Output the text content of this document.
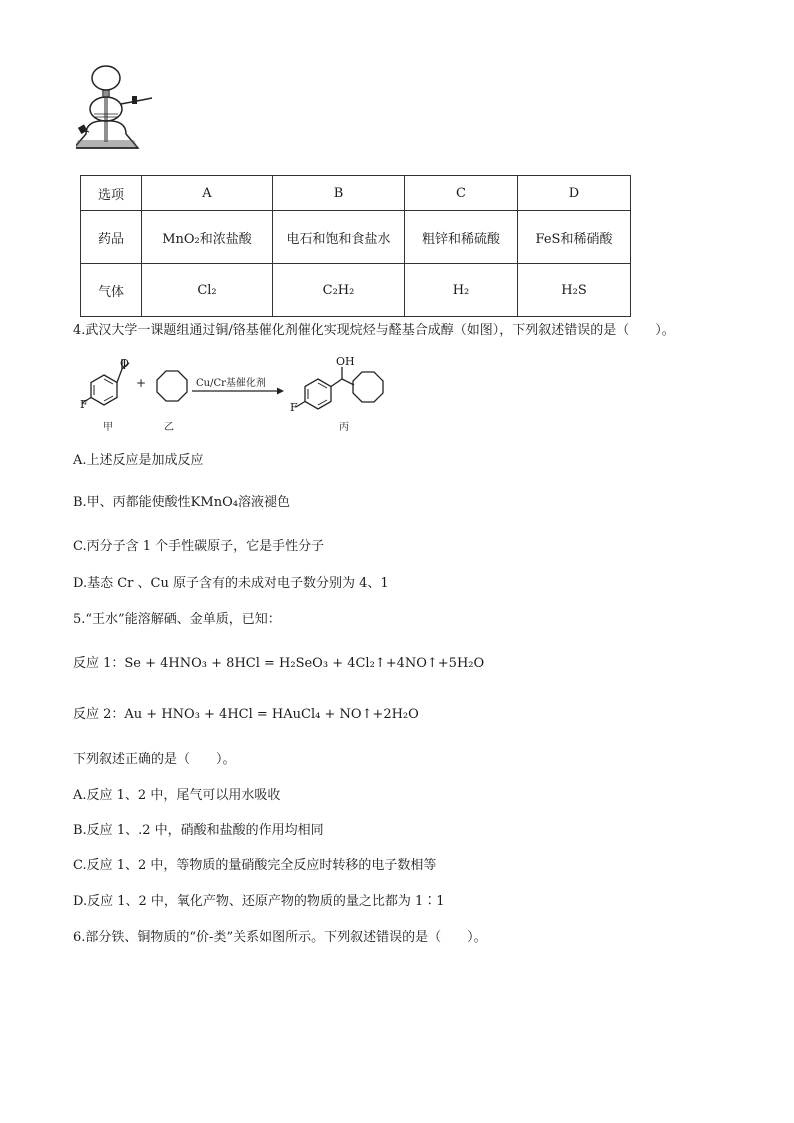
选项	A	B	C	D
药品	MnO₂和浓盐酸	电石和饱和食盐水	粗锌和稀硫酸	FeS和稀硝酸
气体	Cl₂	C₂H₂	H₂	H₂S
4.武汉大学一课题组通过铜/铬基催化剂催化实现烷烃与醛基合成醇（如图），下列叙述错误的是（　　）。
F
O
+	Cu/Cr基催化剂
甲	乙	丙
OH
F
A.上述反应是加成反应
B.甲、丙都能使酸性KMnO₄溶液褪色
C.丙分子含 1 个手性碳原子，它是手性分子
D.基态 Cr 、Cu 原子含有的未成对电子数分别为 4、1
5.“王水”能溶解硒、金单质，已知：
反应 1：Se + 4HNO₃ + 8HCl = H₂SeO₃ + 4Cl₂↑+4NO↑+5H₂O
反应 2：Au + HNO₃ + 4HCl = HAuCl₄ + NO↑+2H₂O
下列叙述正确的是（　　）。
A.反应 1、2 中，尾气可以用水吸收
B.反应 1、.2 中，硝酸和盐酸的作用均相同
C.反应 1、2 中，等物质的量硝酸完全反应时转移的电子数相等
D.反应 1、2 中，氧化产物、还原产物的物质的量之比都为 1∶1
6.部分铁、铜物质的“价-类”关系如图所示。下列叙述错误的是（　　）。
